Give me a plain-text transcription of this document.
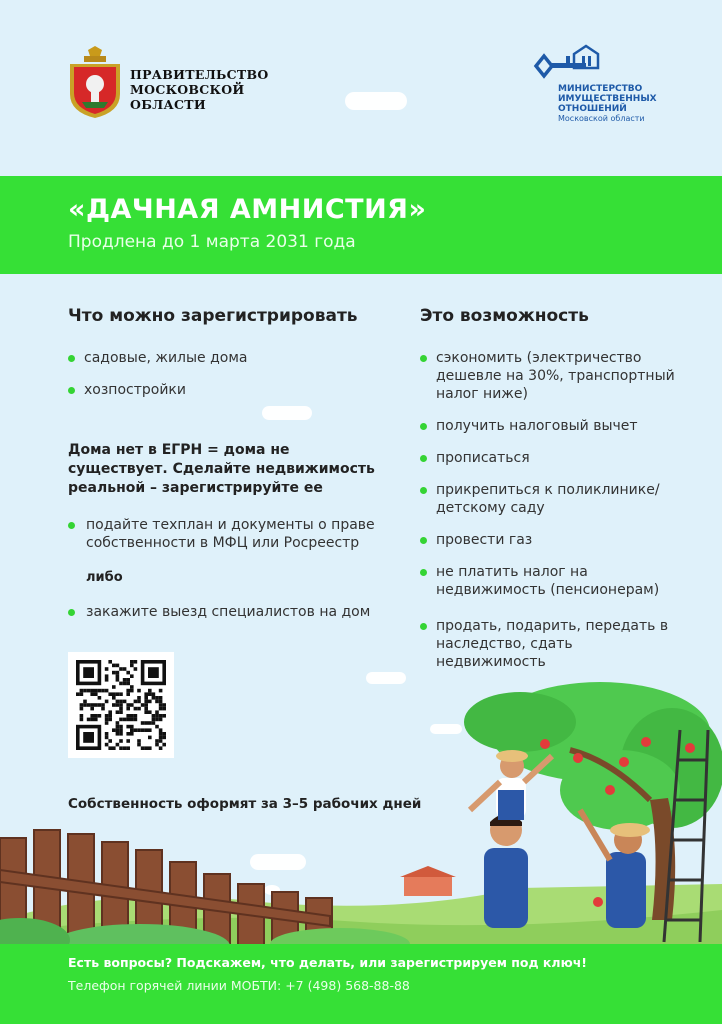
ПРАВИТЕЛЬСТВО
МОСКОВСКОЙ
ОБЛАСТИ
МИНИСТЕРСТВО
ИМУЩЕСТВЕННЫХ
ОТНОШЕНИЙ
Московской области
«ДАЧНАЯ АМНИСТИЯ»
Продлена до 1 марта 2031 года
Что можно зарегистрировать
садовые, жилые дома
хозпостройки
Дома нет в ЕГРН = дома не существует. Сделайте недвижимость реальной – зарегистрируйте ее
подайте техплан и документы о праве собственности в МФЦ или Росреестр
либо
закажите выезд специалистов на дом
Собственность оформят за 3–5 рабочих дней
Это возможность
сэкономить (электричество дешевле на 30%, транспортный налог ниже)
получить налоговый вычет
прописаться
прикрепиться к поликлинике/ детскому саду
провести газ
не платить налог на недвижимость (пенсионерам)
продать, подарить, передать в наследство, сдать недвижимость
Есть вопросы? Подскажем, что делать, или зарегистрируем под ключ!
Телефон горячей линии МОБТИ: +7 (498) 568-88-88
